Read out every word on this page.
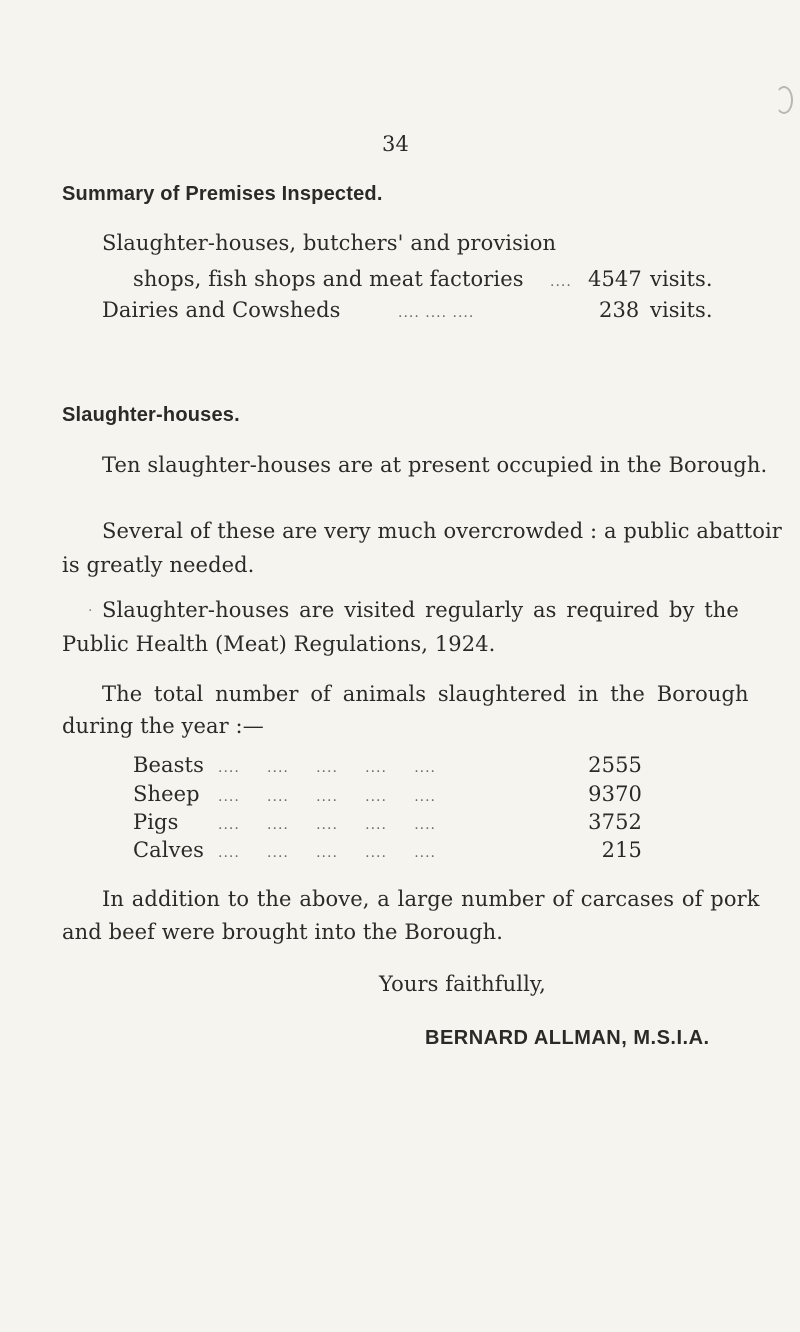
34
Summary of Premises Inspected.
Slaughter-houses, butchers' and provision
shops, fish shops and meat factories .... 4547 visits.
Dairies and Cowsheds	.... .... ....	238 visits.
Slaughter-houses.
Ten slaughter-houses are at present occupied in the Borough.
Several of these are very much overcrowded : a public abattoir
is greatly needed.
· Slaughter-houses are visited regularly as required by the
Public Health (Meat) Regulations, 1924.
The total number of animals slaughtered in the Borough
during the year :—
Beasts ....     ....     ....     ....     ....	2555
Sheep ....     ....     ....     ....     ....	9370
Pigs	....     ....     ....     ....     ....	3752
Calves ....     ....     ....     ....     ....	215
In addition to the above, a large number of carcases of pork
and beef were brought into the Borough.
Yours faithfully,
BERNARD ALLMAN, M.S.I.A.
